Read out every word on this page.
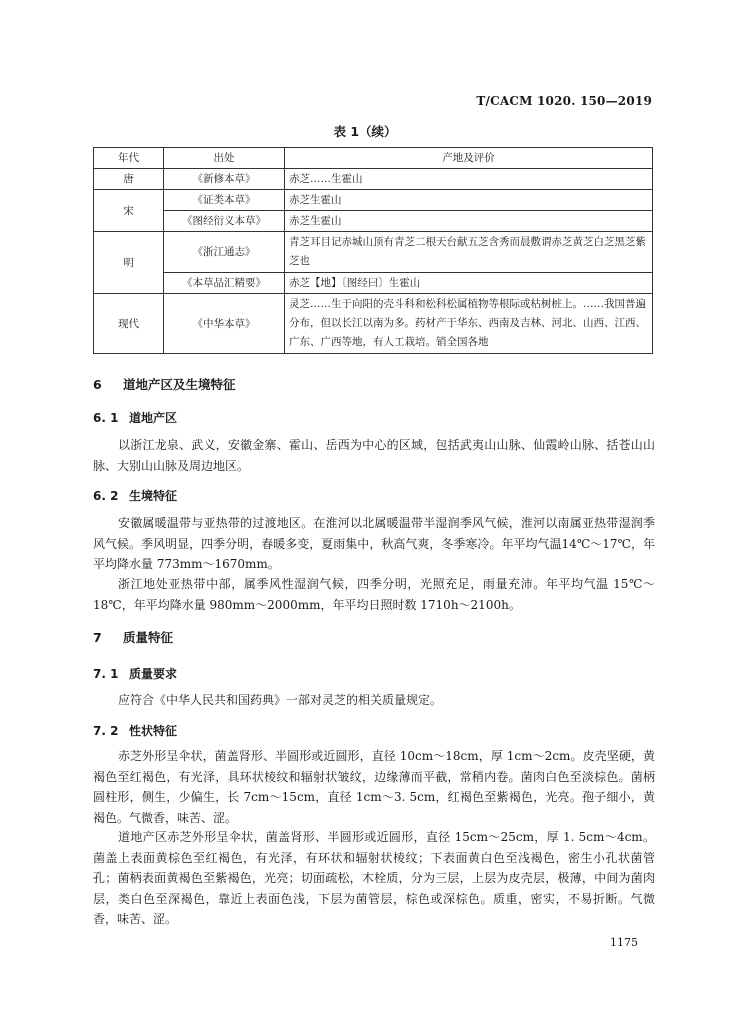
T/CACM 1020. 150—2019
表 1（续）
年代	出处	产地及评价
唐	《新修本草》	赤芝……生霍山
宋	《证类本草》	赤芝生霍山
	《图经衍义本草》	赤芝生霍山
明	《浙江通志》	青芝耳目记赤城山顶有青芝二根天台献五芝含秀而晨敷谓赤芝黄芝白芝黑芝紫芝也
	《本草品汇精要》	赤芝【地】〔图经曰〕生霍山
现代	《中华本草》	灵芝……生于向阳的壳斗科和松科松属植物等根际或枯树桩上。……我国普遍分布，但以长江以南为多。药材产于华东、西南及吉林、河北、山西、江西、广东、广西等地，有人工栽培。销全国各地
6 道地产区及生境特征
6. 1 道地产区
以浙江龙泉、武义，安徽金寨、霍山、岳西为中心的区域，包括武夷山山脉、仙霞岭山脉、括苍山山脉、大别山山脉及周边地区。
6. 2 生境特征
安徽属暖温带与亚热带的过渡地区。在淮河以北属暖温带半湿润季风气候，淮河以南属亚热带湿润季风气候。季风明显，四季分明，春暖多变，夏雨集中，秋高气爽，冬季寒冷。年平均气温14℃～17℃，年平均降水量 773mm～1670mm。
浙江地处亚热带中部，属季风性湿润气候，四季分明，光照充足，雨量充沛。年平均气温 15℃～18℃，年平均降水量 980mm～2000mm，年平均日照时数 1710h～2100h。
7 质量特征
7. 1 质量要求
应符合《中华人民共和国药典》一部对灵芝的相关质量规定。
7. 2 性状特征
赤芝外形呈伞状，菌盖肾形、半圆形或近圆形，直径 10cm～18cm，厚 1cm～2cm。皮壳坚硬，黄褐色至红褐色，有光泽，具环状棱纹和辐射状皱纹，边缘薄而平截，常稍内卷。菌肉白色至淡棕色。菌柄圆柱形，侧生，少偏生，长 7cm～15cm，直径 1cm～3. 5cm，红褐色至紫褐色，光亮。孢子细小，黄褐色。气微香，味苦、涩。
道地产区赤芝外形呈伞状，菌盖肾形、半圆形或近圆形，直径 15cm～25cm，厚 1. 5cm～4cm。菌盖上表面黄棕色至红褐色，有光泽，有环状和辐射状棱纹；下表面黄白色至浅褐色，密生小孔状菌管孔；菌柄表面黄褐色至紫褐色，光亮；切面疏松，木栓质，分为三层，上层为皮壳层，极薄，中间为菌肉层，类白色至深褐色，靠近上表面色浅，下层为菌管层，棕色或深棕色。质重，密实，不易折断。气微香，味苦、涩。
1175
